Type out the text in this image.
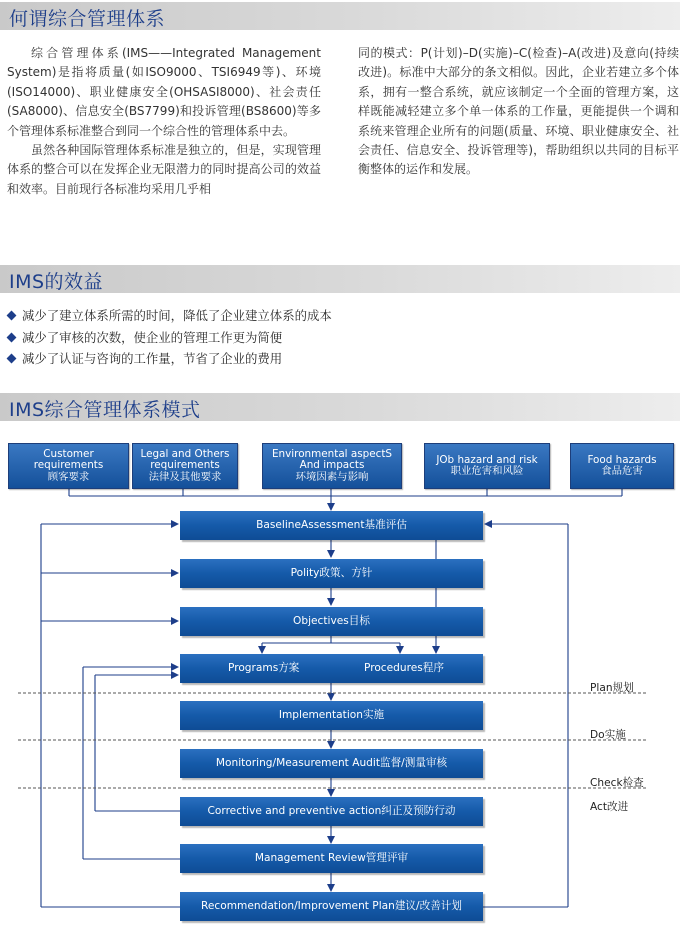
何谓综合管理体系

综合管理体系(IMS——Integrated Management System)是指将质量(如ISO9000、TSI6949等)、环境(ISO14000)、职业健康安全(OHSASI8000)、社会责任(SA8000)、信息安全(BS7799)和投诉管理(BS8600)等多个管理体系标准整合到同一个综合性的管理体系中去。

虽然各种国际管理体系标准是独立的，但是，实现管理体系的整合可以在发挥企业无限潜力的同时提高公司的效益和效率。目前现行各标准均采用几乎相

同的模式：P(计划)–D(实施)–C(检查)–A(改进)及意向(持续改进)。标准中大部分的条文相似。因此，企业若建立多个体系，拥有一整合系统，就应该制定一个全面的管理方案，这样既能减轻建立多个单一体系的工作量，更能提供一个调和系统来管理企业所有的问题(质量、环境、职业健康安全、社会责任、信息安全、投诉管理等)，帮助组织以共同的目标平衡整体的运作和发展。

IMS的效益
减少了建立体系所需的时间，降低了企业建立体系的成本
减少了审核的次数，使企业的管理工作更为简便
减少了认证与咨询的工作量，节省了企业的费用
IMS综合管理体系模式
Customer
requirements
顾客要求
Legal and Others
requirements
法律及其他要求
Environmental aspectS
And impacts
环境因素与影响
JOb hazard and risk
职业危害和风险
Food hazards
食品危害
BaselineAssessment基准评估
Polity政策、方针
Objectives目标
Programs方案	Procedures程序
Implementation实施
Monitoring/Measurement Audit监督/测量审核
Corrective and preventive action纠正及预防行动
Management Review管理评审
Recommendation/Improvement Plan建议/改善计划
Plan规划
Do实施
Check检查
Act改进
